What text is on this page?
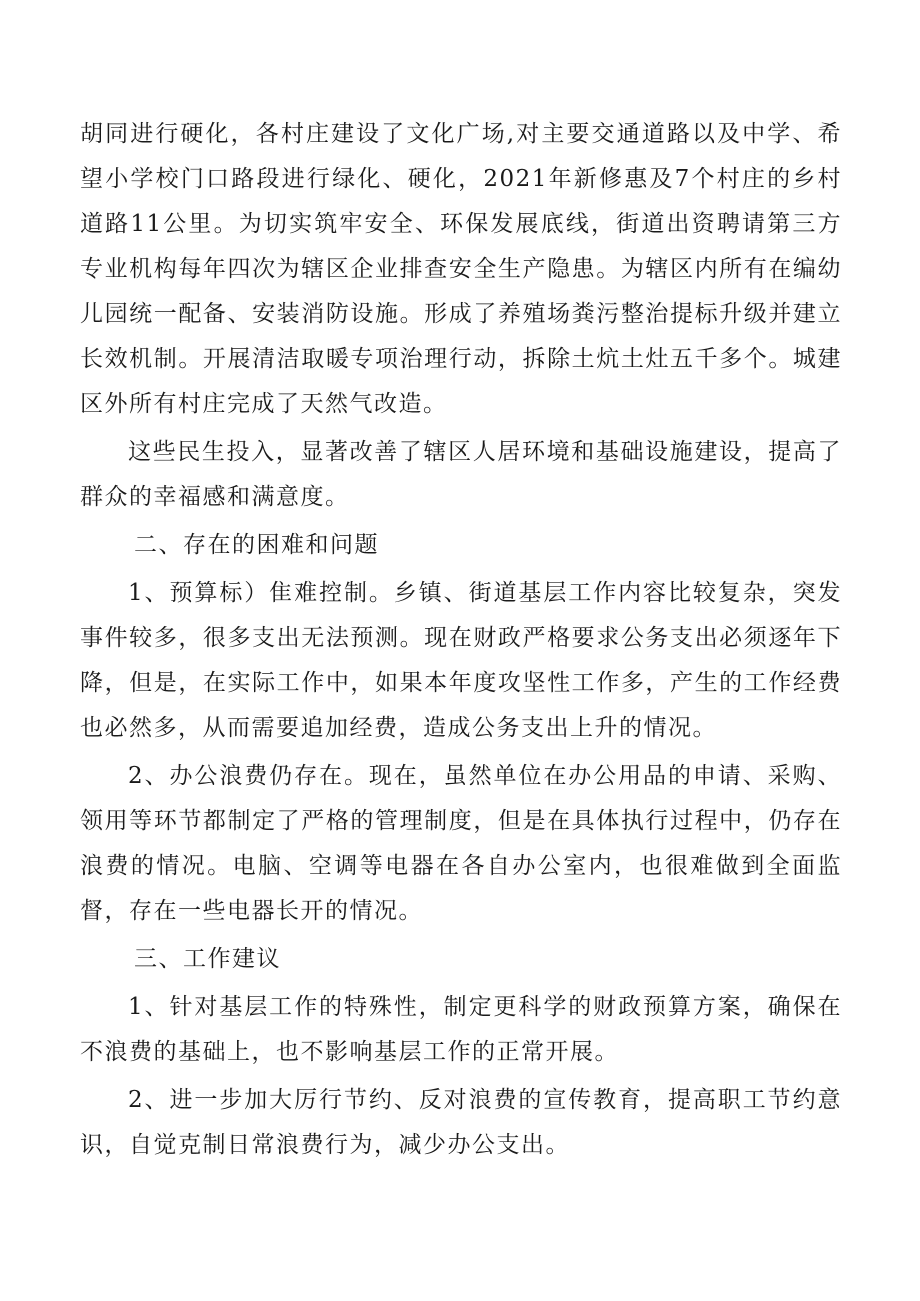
胡同进行硬化，各村庄建设了文化广场,对主要交通道路以及中学、希望小学校门口路段进行绿化、硬化，2021年新修惠及7个村庄的乡村道路11公里。为切实筑牢安全、环保发展底线，街道出资聘请第三方专业机构每年四次为辖区企业排查安全生产隐患。为辖区内所有在编幼儿园统一配备、安装消防设施。形成了养殖场粪污整治提标升级并建立长效机制。开展清洁取暖专项治理行动，拆除土炕土灶五千多个。城建区外所有村庄完成了天然气改造。

这些民生投入，显著改善了辖区人居环境和基础设施建设，提高了群众的幸福感和满意度。

二、存在的困难和问题

1、预算标）隹难控制。乡镇、街道基层工作内容比较复杂，突发事件较多，很多支出无法预测。现在财政严格要求公务支出必须逐年下降，但是，在实际工作中，如果本年度攻坚性工作多，产生的工作经费也必然多，从而需要追加经费，造成公务支出上升的情况。

2、办公浪费仍存在。现在，虽然单位在办公用品的申请、采购、领用等环节都制定了严格的管理制度，但是在具体执行过程中，仍存在浪费的情况。电脑、空调等电器在各自办公室内，也很难做到全面监督，存在一些电器长开的情况。

三、工作建议

1、针对基层工作的特殊性，制定更科学的财政预算方案，确保在不浪费的基础上，也不影响基层工作的正常开展。

2、进一步加大厉行节约、反对浪费的宣传教育，提高职工节约意识，自觉克制日常浪费行为，减少办公支出。
